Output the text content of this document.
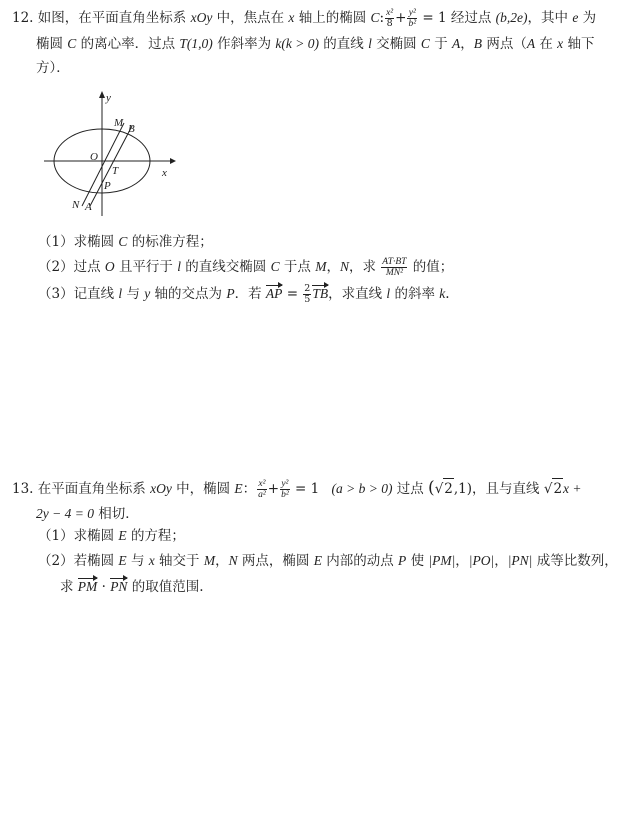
12. 如图，在平面直角坐标系 xOy 中，焦点在 x 轴上的椭圆 C: $\frac{\text{x²}}{8} + \frac{\text{y²}}{\text{b²}} = 1$ 经过点 (b,2e)，其中 e 为
椭圆 C 的离心率．过点 T(1,0) 作斜率为 k(k > 0) 的直线 l 交椭圆 C 于 A，B 两点（A 在 x 轴下
方）．
y
x
O
M B
T
P
N A
（1）求椭圆 C 的标准方程；
（2）过点 O 且平行于 l 的直线交椭圆 C 于点 M，N，求 $\frac{AT\cdot BT}{\text{MN²}}$ 的值；
（3）记直线 l 与 y 轴的交点为 P．若 AP = $\frac{2}{5}$ TB，求直线 l 的斜率 k.
13. 在平面直角坐标系 xOy 中，椭圆 E： $\frac{\text{x²}}{\text{a²}} + \frac{\text{y²}}{\text{b²}} = 1$ (a > b > 0) 过点 (√2,1)，且与直线 √2x +
2y − 4 = 0 相切．
（1）求椭圆 E 的方程；
（2）若椭圆 E 与 x 轴交于 M，N 两点，椭圆 E 内部的动点 P 使 |PM|，|PO|，|PN| 成等比数列，
求 PM · PN 的取值范围.
